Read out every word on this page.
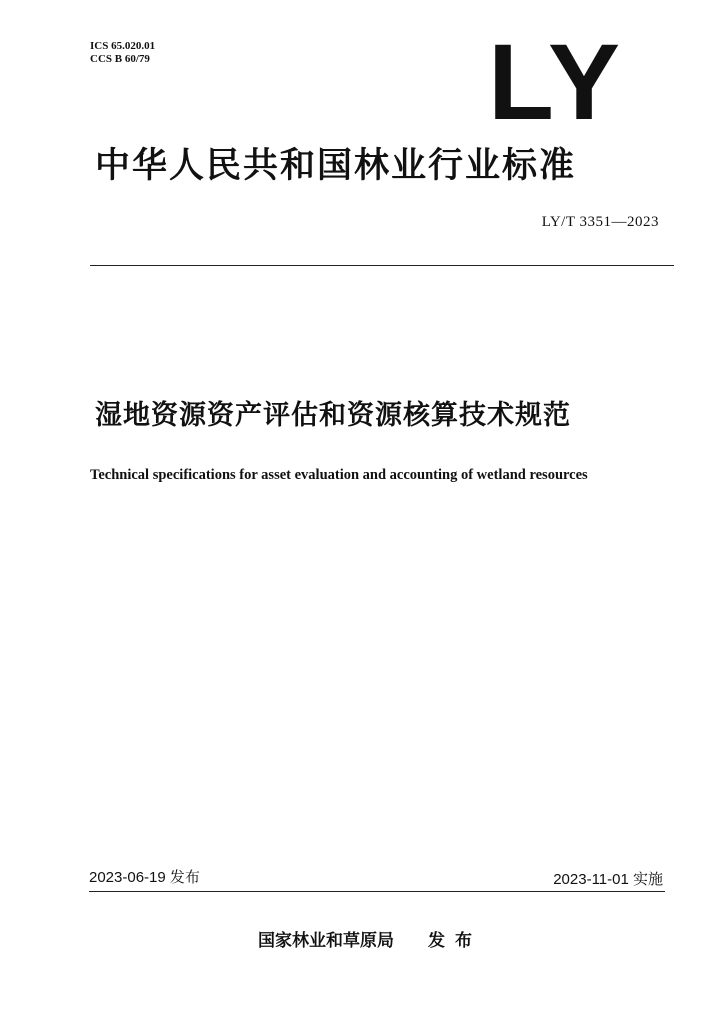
ICS 65.020.01
CCS B 60/79	LY
中华人民共和国林业行业标准
LY/T 3351—2023
湿地资源资产评估和资源核算技术规范
Technical specifications for asset evaluation and accounting of wetland resources
2023-06-19 发布	2023-11-01 实施
国家林业和草原局 发布
